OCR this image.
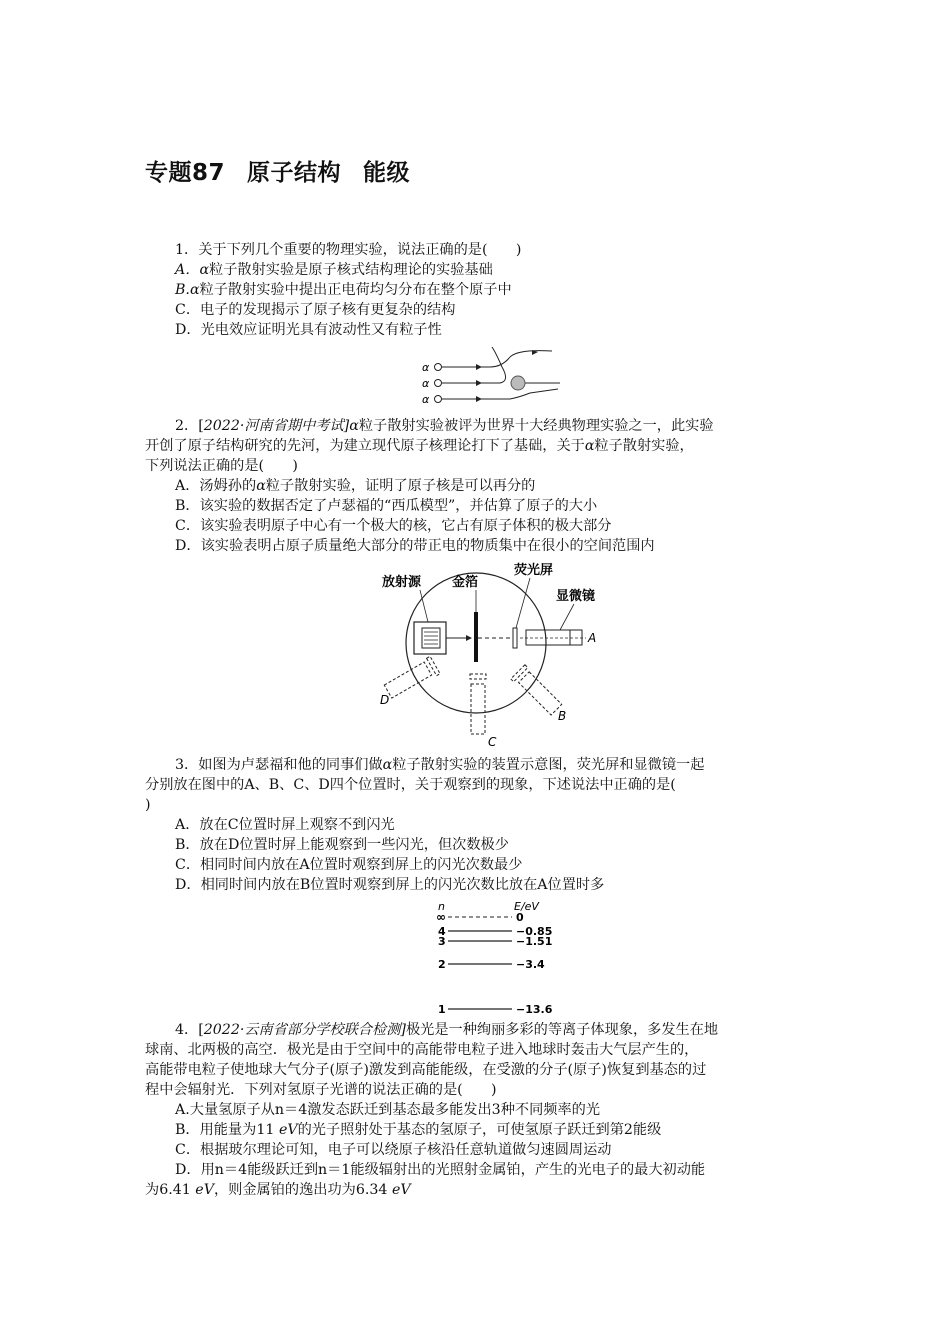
专题87 原子结构 能级
1．关于下列几个重要的物理实验，说法正确的是(　　)
A．α粒子散射实验是原子核式结构理论的实验基础
B.α粒子散射实验中提出正电荷均匀分布在整个原子中
C．电子的发现揭示了原子核有更复杂的结构
D．光电效应证明光具有波动性又有粒子性
α
α
α
2．[2022·河南省期中考试]α粒子散射实验被评为世界十大经典物理实验之一，此实验
开创了原子结构研究的先河，为建立现代原子核理论打下了基础，关于α粒子散射实验，
下列说法正确的是(　　)
A．汤姆孙的α粒子散射实验，证明了原子核是可以再分的
B．该实验的数据否定了卢瑟福的“西瓜模型”，并估算了原子的大小
C．该实验表明原子中心有一个极大的核，它占有原子体积的极大部分
D．该实验表明占原子质量绝大部分的带正电的物质集中在很小的空间范围内
放射源 金箔
荧光屏
显微镜
A
B
C
D
3．如图为卢瑟福和他的同事们做α粒子散射实验的装置示意图，荧光屏和显微镜一起
分别放在图中的A、B、C、D四个位置时，关于观察到的现象，下述说法中正确的是(
)
A．放在C位置时屏上观察不到闪光
B．放在D位置时屏上能观察到一些闪光，但次数极少
C．相同时间内放在A位置时观察到屏上的闪光次数最少
D．相同时间内放在B位置时观察到屏上的闪光次数比放在A位置时多
n	E/eV
∞	0
4	−0.85
3	−1.51
2	−3.4
1	−13.6
4．[2022·云南省部分学校联合检测]极光是一种绚丽多彩的等离子体现象，多发生在地
球南、北两极的高空．极光是由于空间中的高能带电粒子进入地球时轰击大气层产生的，
高能带电粒子使地球大气分子(原子)激发到高能能级，在受激的分子(原子)恢复到基态的过
程中会辐射光．下列对氢原子光谱的说法正确的是(　　)
A.大量氢原子从n＝4激发态跃迁到基态最多能发出3种不同频率的光
B．用能量为11 eV的光子照射处于基态的氢原子，可使氢原子跃迁到第2能级
C．根据玻尔理论可知，电子可以绕原子核沿任意轨道做匀速圆周运动
D．用n＝4能级跃迁到n＝1能级辐射出的光照射金属铂，产生的光电子的最大初动能
为6.41 eV，则金属铂的逸出功为6.34 eV
